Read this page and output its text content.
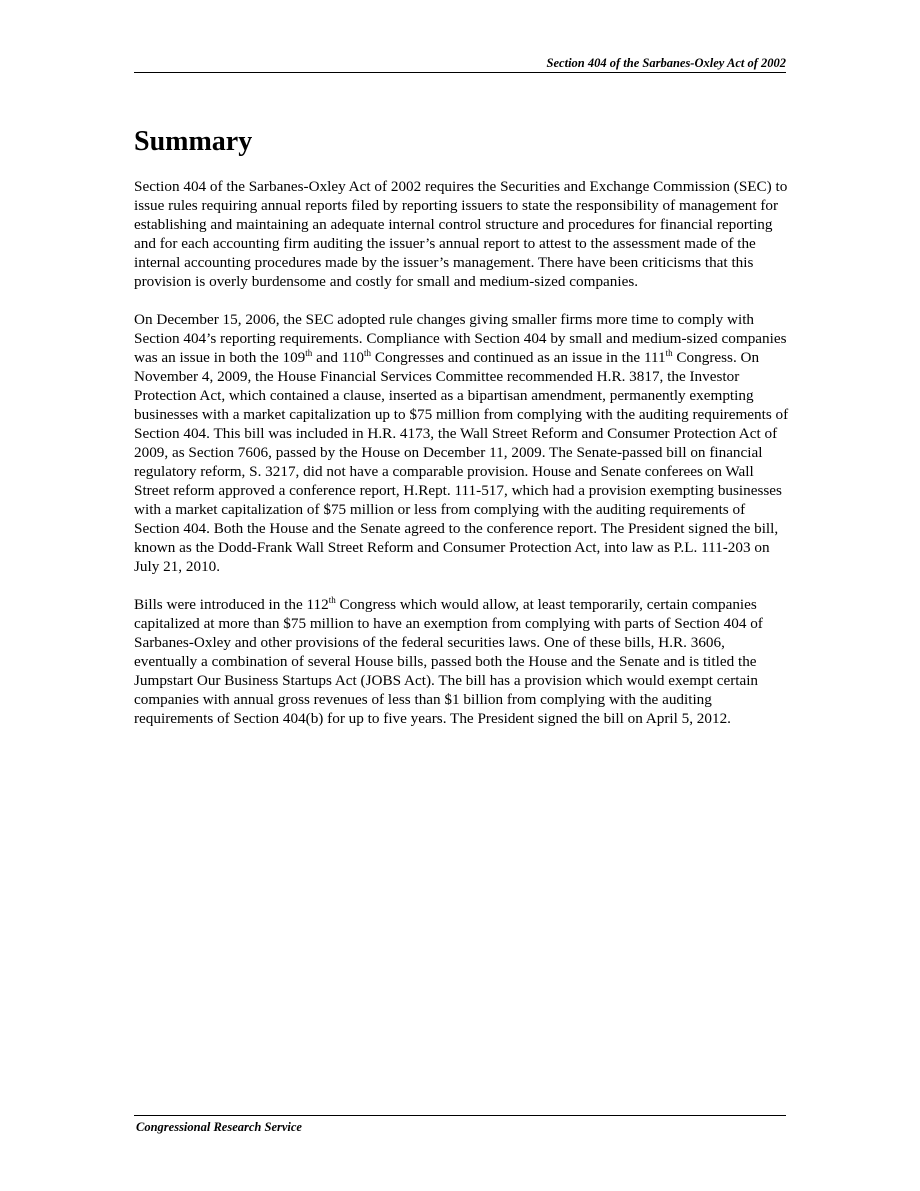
Section 404 of the Sarbanes-Oxley Act of 2002
Summary

Section 404 of the Sarbanes-Oxley Act of 2002 requires the Securities and Exchange Commission (SEC) to issue rules requiring annual reports filed by reporting issuers to state the responsibility of management for establishing and maintaining an adequate internal control structure and procedures for financial reporting and for each accounting firm auditing the issuer’s annual report to attest to the assessment made of the internal accounting procedures made by the issuer’s management. There have been criticisms that this provision is overly burdensome and costly for small and medium-sized companies.

On December 15, 2006, the SEC adopted rule changes giving smaller firms more time to comply with Section 404’s reporting requirements. Compliance with Section 404 by small and medium-sized companies was an issue in both the 109th and 110th Congresses and continued as an issue in the 111th Congress. On November 4, 2009, the House Financial Services Committee recommended H.R. 3817, the Investor Protection Act, which contained a clause, inserted as a bipartisan amendment, permanently exempting businesses with a market capitalization up to $75 million from complying with the auditing requirements of Section 404. This bill was included in H.R. 4173, the Wall Street Reform and Consumer Protection Act of 2009, as Section 7606, passed by the House on December 11, 2009. The Senate-passed bill on financial regulatory reform, S. 3217, did not have a comparable provision. House and Senate conferees on Wall Street reform approved a conference report, H.Rept. 111-517, which had a provision exempting businesses with a market capitalization of $75 million or less from complying with the auditing requirements of Section 404. Both the House and the Senate agreed to the conference report. The President signed the bill, known as the Dodd-Frank Wall Street Reform and Consumer Protection Act, into law as P.L. 111-203 on July 21, 2010.

Bills were introduced in the 112th Congress which would allow, at least temporarily, certain companies capitalized at more than $75 million to have an exemption from complying with parts of Section 404 of Sarbanes-Oxley and other provisions of the federal securities laws. One of these bills, H.R. 3606, eventually a combination of several House bills, passed both the House and the Senate and is titled the Jumpstart Our Business Startups Act (JOBS Act). The bill has a provision which would exempt certain companies with annual gross revenues of less than $1 billion from complying with the auditing requirements of Section 404(b) for up to five years. The President signed the bill on April 5, 2012.

Congressional Research Service
